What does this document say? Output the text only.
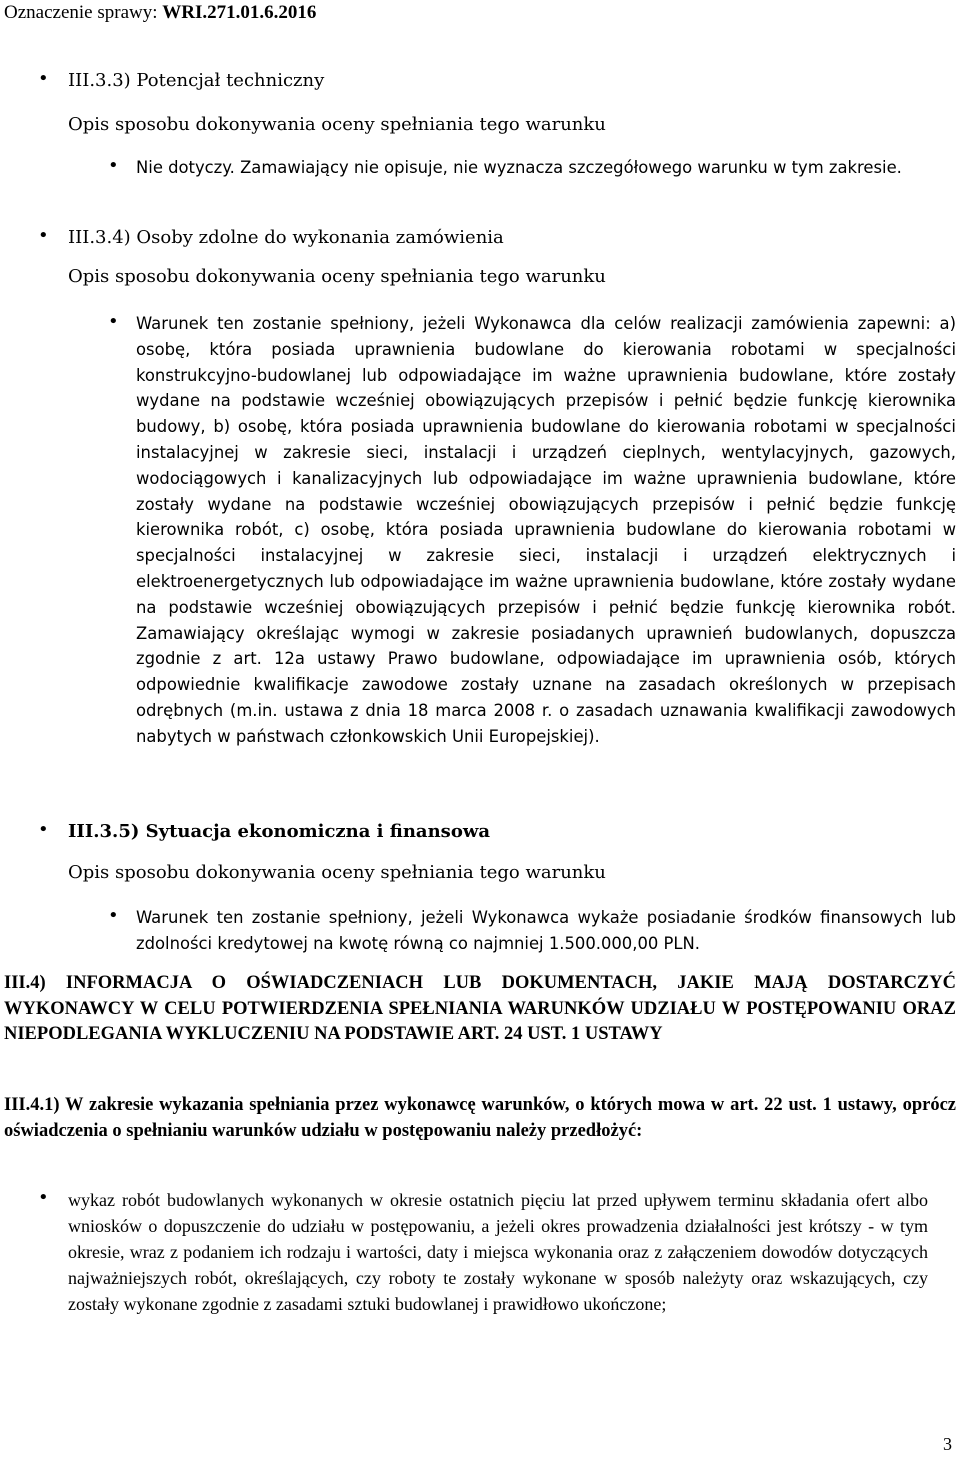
Oznaczenie sprawy: WRI.271.01.6.2016
• III.3.3) Potencjał techniczny
Opis sposobu dokonywania oceny spełniania tego warunku
• Nie dotyczy. Zamawiający nie opisuje, nie wyznacza szczegółowego warunku w tym zakresie.
• III.3.4) Osoby zdolne do wykonania zamówienia
Opis sposobu dokonywania oceny spełniania tego warunku
• Warunek ten zostanie spełniony, jeżeli Wykonawca dla celów realizacji zamówienia zapewni: a) osobę, która posiada uprawnienia budowlane do kierowania robotami w specjalności konstrukcyjno-budowlanej lub odpowiadające im ważne uprawnienia budowlane, które zostały wydane na podstawie wcześniej obowiązujących przepisów i pełnić będzie funkcję kierownika budowy, b) osobę, która posiada uprawnienia budowlane do kierowania robotami w specjalności instalacyjnej w zakresie sieci, instalacji i urządzeń cieplnych, wentylacyjnych, gazowych, wodociągowych i kanalizacyjnych lub odpowiadające im ważne uprawnienia budowlane, które zostały wydane na podstawie wcześniej obowiązujących przepisów i pełnić będzie funkcję kierownika robót, c) osobę, która posiada uprawnienia budowlane do kierowania robotami w specjalności instalacyjnej w zakresie sieci, instalacji i urządzeń elektrycznych i elektroenergetycznych lub odpowiadające im ważne uprawnienia budowlane, które zostały wydane na podstawie wcześniej obowiązujących przepisów i pełnić będzie funkcję kierownika robót. Zamawiający określając wymogi w zakresie posiadanych uprawnień budowlanych, dopuszcza zgodnie z art. 12a ustawy Prawo budowlane, odpowiadające im uprawnienia osób, których odpowiednie kwalifikacje zawodowe zostały uznane na zasadach określonych w przepisach odrębnych (m.in. ustawa z dnia 18 marca 2008 r. o zasadach uznawania kwalifikacji zawodowych nabytych w państwach członkowskich Unii Europejskiej).
• III.3.5) Sytuacja ekonomiczna i finansowa
Opis sposobu dokonywania oceny spełniania tego warunku
• Warunek ten zostanie spełniony, jeżeli Wykonawca wykaże posiadanie środków finansowych lub zdolności kredytowej na kwotę równą co najmniej 1.500.000,00 PLN.
III.4) INFORMACJA O OŚWIADCZENIACH LUB DOKUMENTACH, JAKIE MAJĄ DOSTARCZYĆ WYKONAWCY W CELU POTWIERDZENIA SPEŁNIANIA WARUNKÓW UDZIAŁU W POSTĘPOWANIU ORAZ NIEPODLEGANIA WYKLUCZENIU NA PODSTAWIE ART. 24 UST. 1 USTAWY
III.4.1) W zakresie wykazania spełniania przez wykonawcę warunków, o których mowa w art. 22 ust. 1 ustawy, oprócz oświadczenia o spełnianiu warunków udziału w postępowaniu należy przedłożyć:
• wykaz robót budowlanych wykonanych w okresie ostatnich pięciu lat przed upływem terminu składania ofert albo wniosków o dopuszczenie do udziału w postępowaniu, a jeżeli okres prowadzenia działalności jest krótszy - w tym okresie, wraz z podaniem ich rodzaju i wartości, daty i miejsca wykonania oraz z załączeniem dowodów dotyczących najważniejszych robót, określających, czy roboty te zostały wykonane w sposób należyty oraz wskazujących, czy zostały wykonane zgodnie z zasadami sztuki budowlanej i prawidłowo ukończone;
3
